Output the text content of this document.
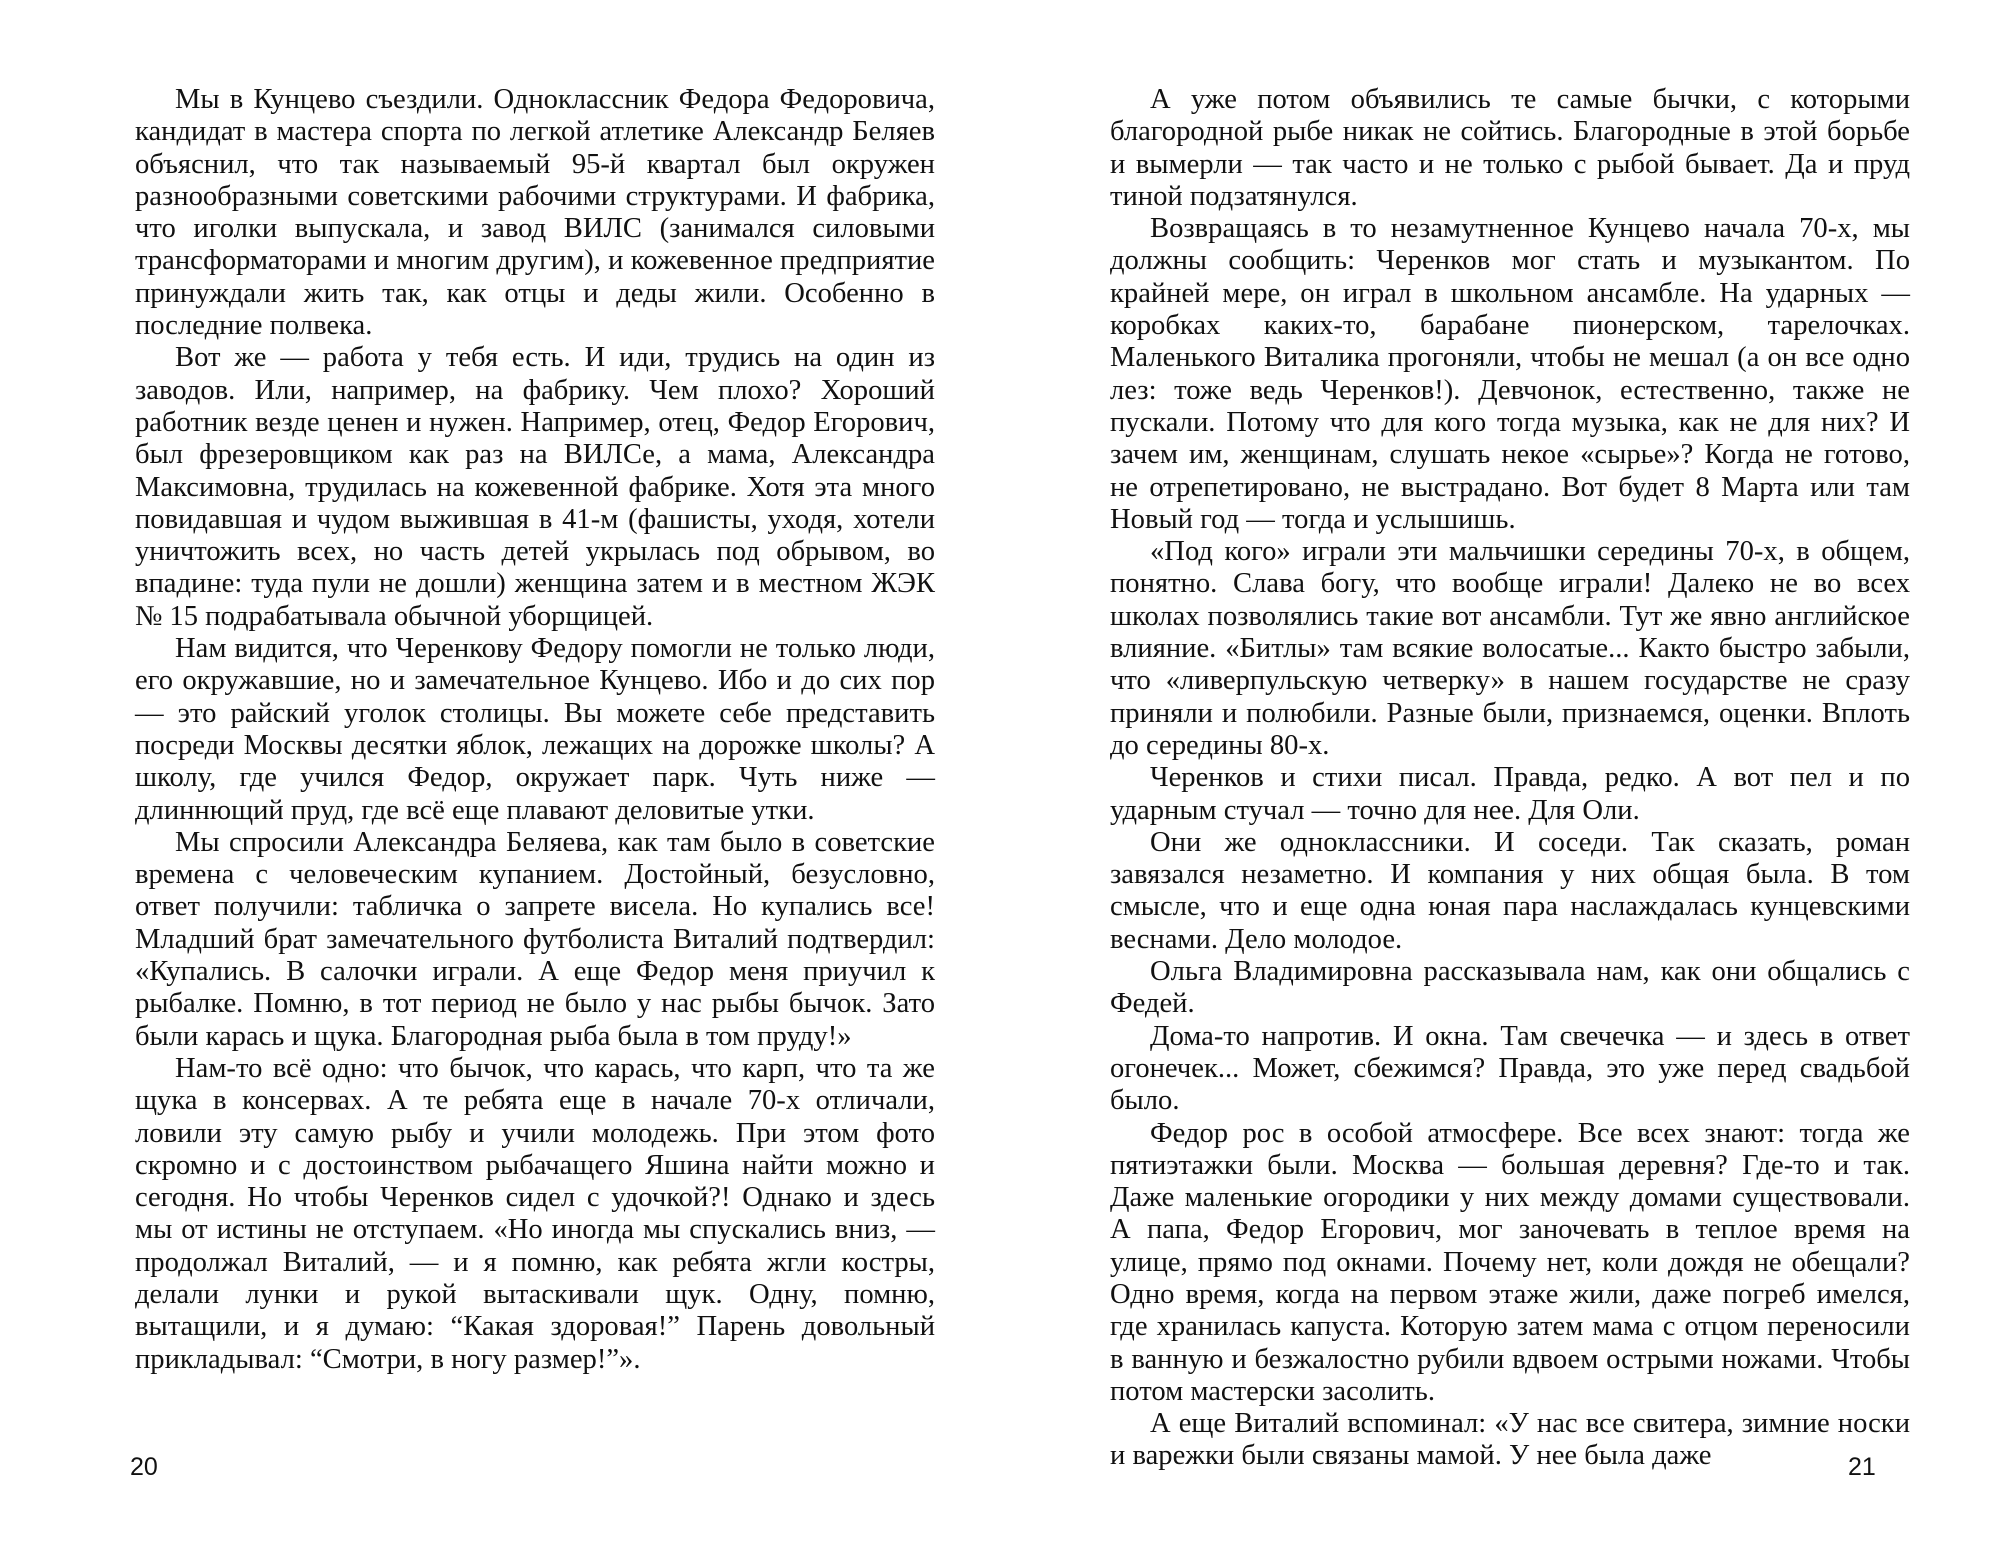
Мы в Кунцево съездили. Одноклассник Федора Федоровича, кандидат в мастера спорта по легкой атлетике Александр Беляев объяснил, что так называемый 95-й квартал был окружен разнообразными советскими рабочими структурами. И фабрика, что иголки выпускала, и завод ВИЛС (занимался силовыми трансформаторами и многим другим), и кожевенное предприятие принуждали жить так, как отцы и деды жили. Особенно в последние полвека.

Вот же — работа у тебя есть. И иди, трудись на один из заводов. Или, например, на фабрику. Чем плохо? Хороший работник везде ценен и нужен. Например, отец, Федор Егорович, был фрезеровщиком как раз на ВИЛСе, а мама, Александра Максимовна, трудилась на кожевенной фабрике. Хотя эта много повидавшая и чудом выжившая в 41-м (фашисты, уходя, хотели уничтожить всех, но часть детей укрылась под обрывом, во впадине: туда пули не дошли) женщина затем и в местном ЖЭК № 15 подрабатывала обычной уборщицей.

Нам видится, что Черенкову Федору помогли не только люди, его окружавшие, но и замечательное Кунцево. Ибо и до сих пор — это райский уголок столицы. Вы можете себе представить посреди Москвы десятки яблок, лежащих на дорожке школы? А школу, где учился Федор, окружает парк. Чуть ниже — длиннющий пруд, где всё еще плавают деловитые утки.

Мы спросили Александра Беляева, как там было в советские времена с человеческим купанием. Достойный, безусловно, ответ получили: табличка о запрете висела. Но купались все! Младший брат замечательного футболиста Виталий подтвердил: «Купались. В салочки играли. А еще Федор меня приучил к рыбалке. Помню, в тот период не было у нас рыбы бычок. Зато были карась и щука. Благородная рыба была в том пруду!»

Нам-то всё одно: что бычок, что карась, что карп, что та же щука в консервах. А те ребята еще в начале 70-х отличали, ловили эту самую рыбу и учили молодежь. При этом фото скромно и с достоинством рыбачащего Яшина найти можно и сегодня. Но чтобы Черенков сидел с удочкой?! Однако и здесь мы от истины не отступаем. «Но иногда мы спускались вниз, — продолжал Виталий, — и я помню, как ребята жгли костры, делали лунки и рукой вытаскивали щук. Одну, помню, вытащили, и я думаю: “Какая здоровая!” Парень довольный прикладывал: “Смотри, в ногу размер!”».

20

А уже потом объявились те самые бычки, с которыми благородной рыбе никак не сойтись. Благородные в этой борьбе и вымерли — так часто и не только с рыбой бывает. Да и пруд тиной подзатянулся.

Возвращаясь в то незамутненное Кунцево начала 70-х, мы должны сообщить: Черенков мог стать и музыкантом. По крайней мере, он играл в школьном ансамбле. На ударных — коробках каких-то, барабане пионерском, тарелочках. Маленького Виталика прогоняли, чтобы не мешал (а он все одно лез: тоже ведь Черенков!). Девчонок, естественно, также не пускали. Потому что для кого тогда музыка, как не для них? И зачем им, женщинам, слушать некое «сырье»? Когда не готово, не отрепетировано, не выстрадано. Вот будет 8 Марта или там Новый год — тогда и услышишь.

«Под кого» играли эти мальчишки середины 70-х, в общем, понятно. Слава богу, что вообще играли! Далеко не во всех школах позволялись такие вот ансамбли. Тут же явно английское влияние. «Битлы» там всякие волосатые... Както быстро забыли, что «ливерпульскую четверку» в нашем государстве не сразу приняли и полюбили. Разные были, признаемся, оценки. Вплоть до середины 80-х.

Черенков и стихи писал. Правда, редко. А вот пел и по ударным стучал — точно для нее. Для Оли.

Они же одноклассники. И соседи. Так сказать, роман завязался незаметно. И компания у них общая была. В том смысле, что и еще одна юная пара наслаждалась кунцевскими веснами. Дело молодое.

Ольга Владимировна рассказывала нам, как они общались с Федей.

Дома-то напротив. И окна. Там свечечка — и здесь в ответ огонечек... Может, сбежимся? Правда, это уже перед свадьбой было.

Федор рос в особой атмосфере. Все всех знают: тогда же пятиэтажки были. Москва — большая деревня? Где-то и так. Даже маленькие огородики у них между домами существовали. А папа, Федор Егорович, мог заночевать в теплое время на улице, прямо под окнами. Почему нет, коли дождя не обещали? Одно время, когда на первом этаже жили, даже погреб имелся, где хранилась капуста. Которую затем мама с отцом переносили в ванную и безжалостно рубили вдвоем острыми ножами. Чтобы потом мастерски засолить.

А еще Виталий вспоминал: «У нас все свитера, зимние носки и варежки были связаны мамой. У нее была даже	21
